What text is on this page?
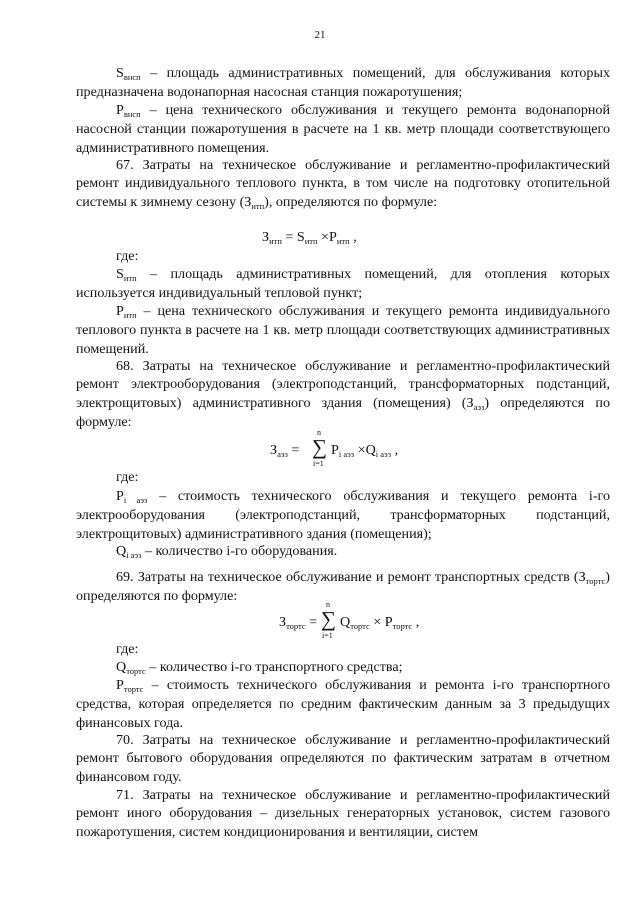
21
$S_{внсп}$ – площадь административных помещений, для обслуживания которых предназначена водонапорная насосная станция пожаротушения;
$P_{внсп}$ – цена технического обслуживания и текущего ремонта водонапорной насосной станции пожаротушения в расчете на 1 кв. метр площади соответствующего административного помещения.
67. Затраты на техническое обслуживание и регламентно-профилактический ремонт индивидуального теплового пункта, в том числе на подготовку отопительной системы к зимнему сезону $(З_{итп})$, определяются по формуле:
$З_{итп} = S_{итп} \times P_{итп}$ ,
где:
$S_{итп}$ – площадь административных помещений, для отопления которых используется индивидуальный тепловой пункт;
$P_{итп}$ – цена технического обслуживания и текущего ремонта индивидуального теплового пункта в расчете на 1 кв. метр площади соответствующих административных помещений.
68. Затраты на техническое обслуживание и регламентно-профилактический ремонт электрооборудования (электроподстанций, трансформаторных подстанций, электрощитовых) административного здания (помещения) $(З_{аэз})$ определяются по формуле:
$З_{аэз}$ =
n
∑
i=1
$P_{i аэз} \times Q_{i аэз}$ ,
где:
$P_{i аэз}$ – стоимость технического обслуживания и текущего ремонта i-го электрооборудования (электроподстанций, трансформаторных подстанций, электрощитовых) административного здания (помещения);
$Q_{i аэз}$ – количество i-го оборудования.
69. Затраты на техническое обслуживание и ремонт транспортных средств $(З_{тортс})$ определяются по формуле:
$З_{тортс}$ =
n
∑
i=1
$Q_{тортс} \times P_{тортс}$ ,
где:
$Q_{тортс}$ – количество i-го транспортного средства;
$P_{тортс}$ – стоимость технического обслуживания и ремонта i-го транспортного средства, которая определяется по средним фактическим данным за 3 предыдущих финансовых года.
70. Затраты на техническое обслуживание и регламентно-профилактический ремонт бытового оборудования определяются по фактическим затратам в отчетном финансовом году.
71. Затраты на техническое обслуживание и регламентно-профилактический ремонт иного оборудования – дизельных генераторных установок, систем газового пожаротушения, систем кондиционирования и вентиляции, систем
